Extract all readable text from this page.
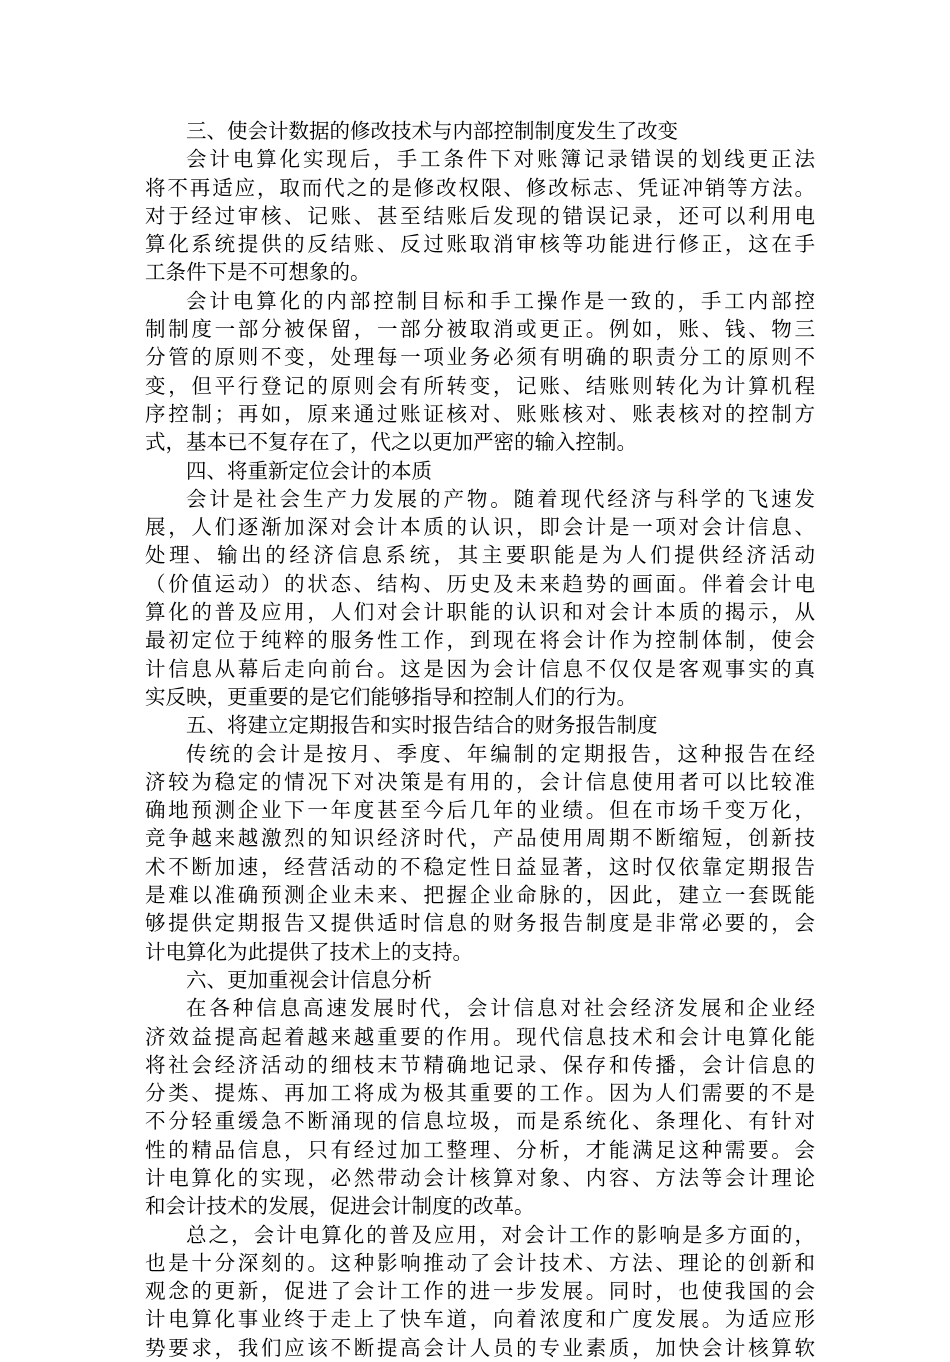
三、使会计数据的修改技术与内部控制制度发生了改变
会计电算化实现后，手工条件下对账簿记录错误的划线更正法
将不再适应，取而代之的是修改权限、修改标志、凭证冲销等方法。
对于经过审核、记账、甚至结账后发现的错误记录，还可以利用电
算化系统提供的反结账、反过账取消审核等功能进行修正，这在手
工条件下是不可想象的。
会计电算化的内部控制目标和手工操作是一致的，手工内部控
制制度一部分被保留，一部分被取消或更正。例如，账、钱、物三
分管的原则不变，处理每一项业务必须有明确的职责分工的原则不
变，但平行登记的原则会有所转变，记账、结账则转化为计算机程
序控制；再如，原来通过账证核对、账账核对、账表核对的控制方
式，基本已不复存在了，代之以更加严密的输入控制。
四、将重新定位会计的本质
会计是社会生产力发展的产物。随着现代经济与科学的飞速发
展，人们逐渐加深对会计本质的认识，即会计是一项对会计信息、
处理、输出的经济信息系统，其主要职能是为人们提供经济活动
（价值运动）的状态、结构、历史及未来趋势的画面。伴着会计电
算化的普及应用，人们对会计职能的认识和对会计本质的揭示，从
最初定位于纯粹的服务性工作，到现在将会计作为控制体制，使会
计信息从幕后走向前台。这是因为会计信息不仅仅是客观事实的真
实反映，更重要的是它们能够指导和控制人们的行为。
五、将建立定期报告和实时报告结合的财务报告制度
传统的会计是按月、季度、年编制的定期报告，这种报告在经
济较为稳定的情况下对决策是有用的，会计信息使用者可以比较准
确地预测企业下一年度甚至今后几年的业绩。但在市场千变万化，
竞争越来越激烈的知识经济时代，产品使用周期不断缩短，创新技
术不断加速，经营活动的不稳定性日益显著，这时仅依靠定期报告
是难以准确预测企业未来、把握企业命脉的，因此，建立一套既能
够提供定期报告又提供适时信息的财务报告制度是非常必要的，会
计电算化为此提供了技术上的支持。
六、更加重视会计信息分析
在各种信息高速发展时代，会计信息对社会经济发展和企业经
济效益提高起着越来越重要的作用。现代信息技术和会计电算化能
将社会经济活动的细枝末节精确地记录、保存和传播，会计信息的
分类、提炼、再加工将成为极其重要的工作。因为人们需要的不是
不分轻重缓急不断涌现的信息垃圾，而是系统化、条理化、有针对
性的精品信息，只有经过加工整理、分析，才能满足这种需要。会
计电算化的实现，必然带动会计核算对象、内容、方法等会计理论
和会计技术的发展，促进会计制度的改革。
总之，会计电算化的普及应用，对会计工作的影响是多方面的，
也是十分深刻的。这种影响推动了会计技术、方法、理论的创新和
观念的更新，促进了会计工作的进一步发展。同时，也使我国的会
计电算化事业终于走上了快车道，向着浓度和广度发展。为适应形
势要求，我们应该不断提高会计人员的专业素质，加快会计核算软
